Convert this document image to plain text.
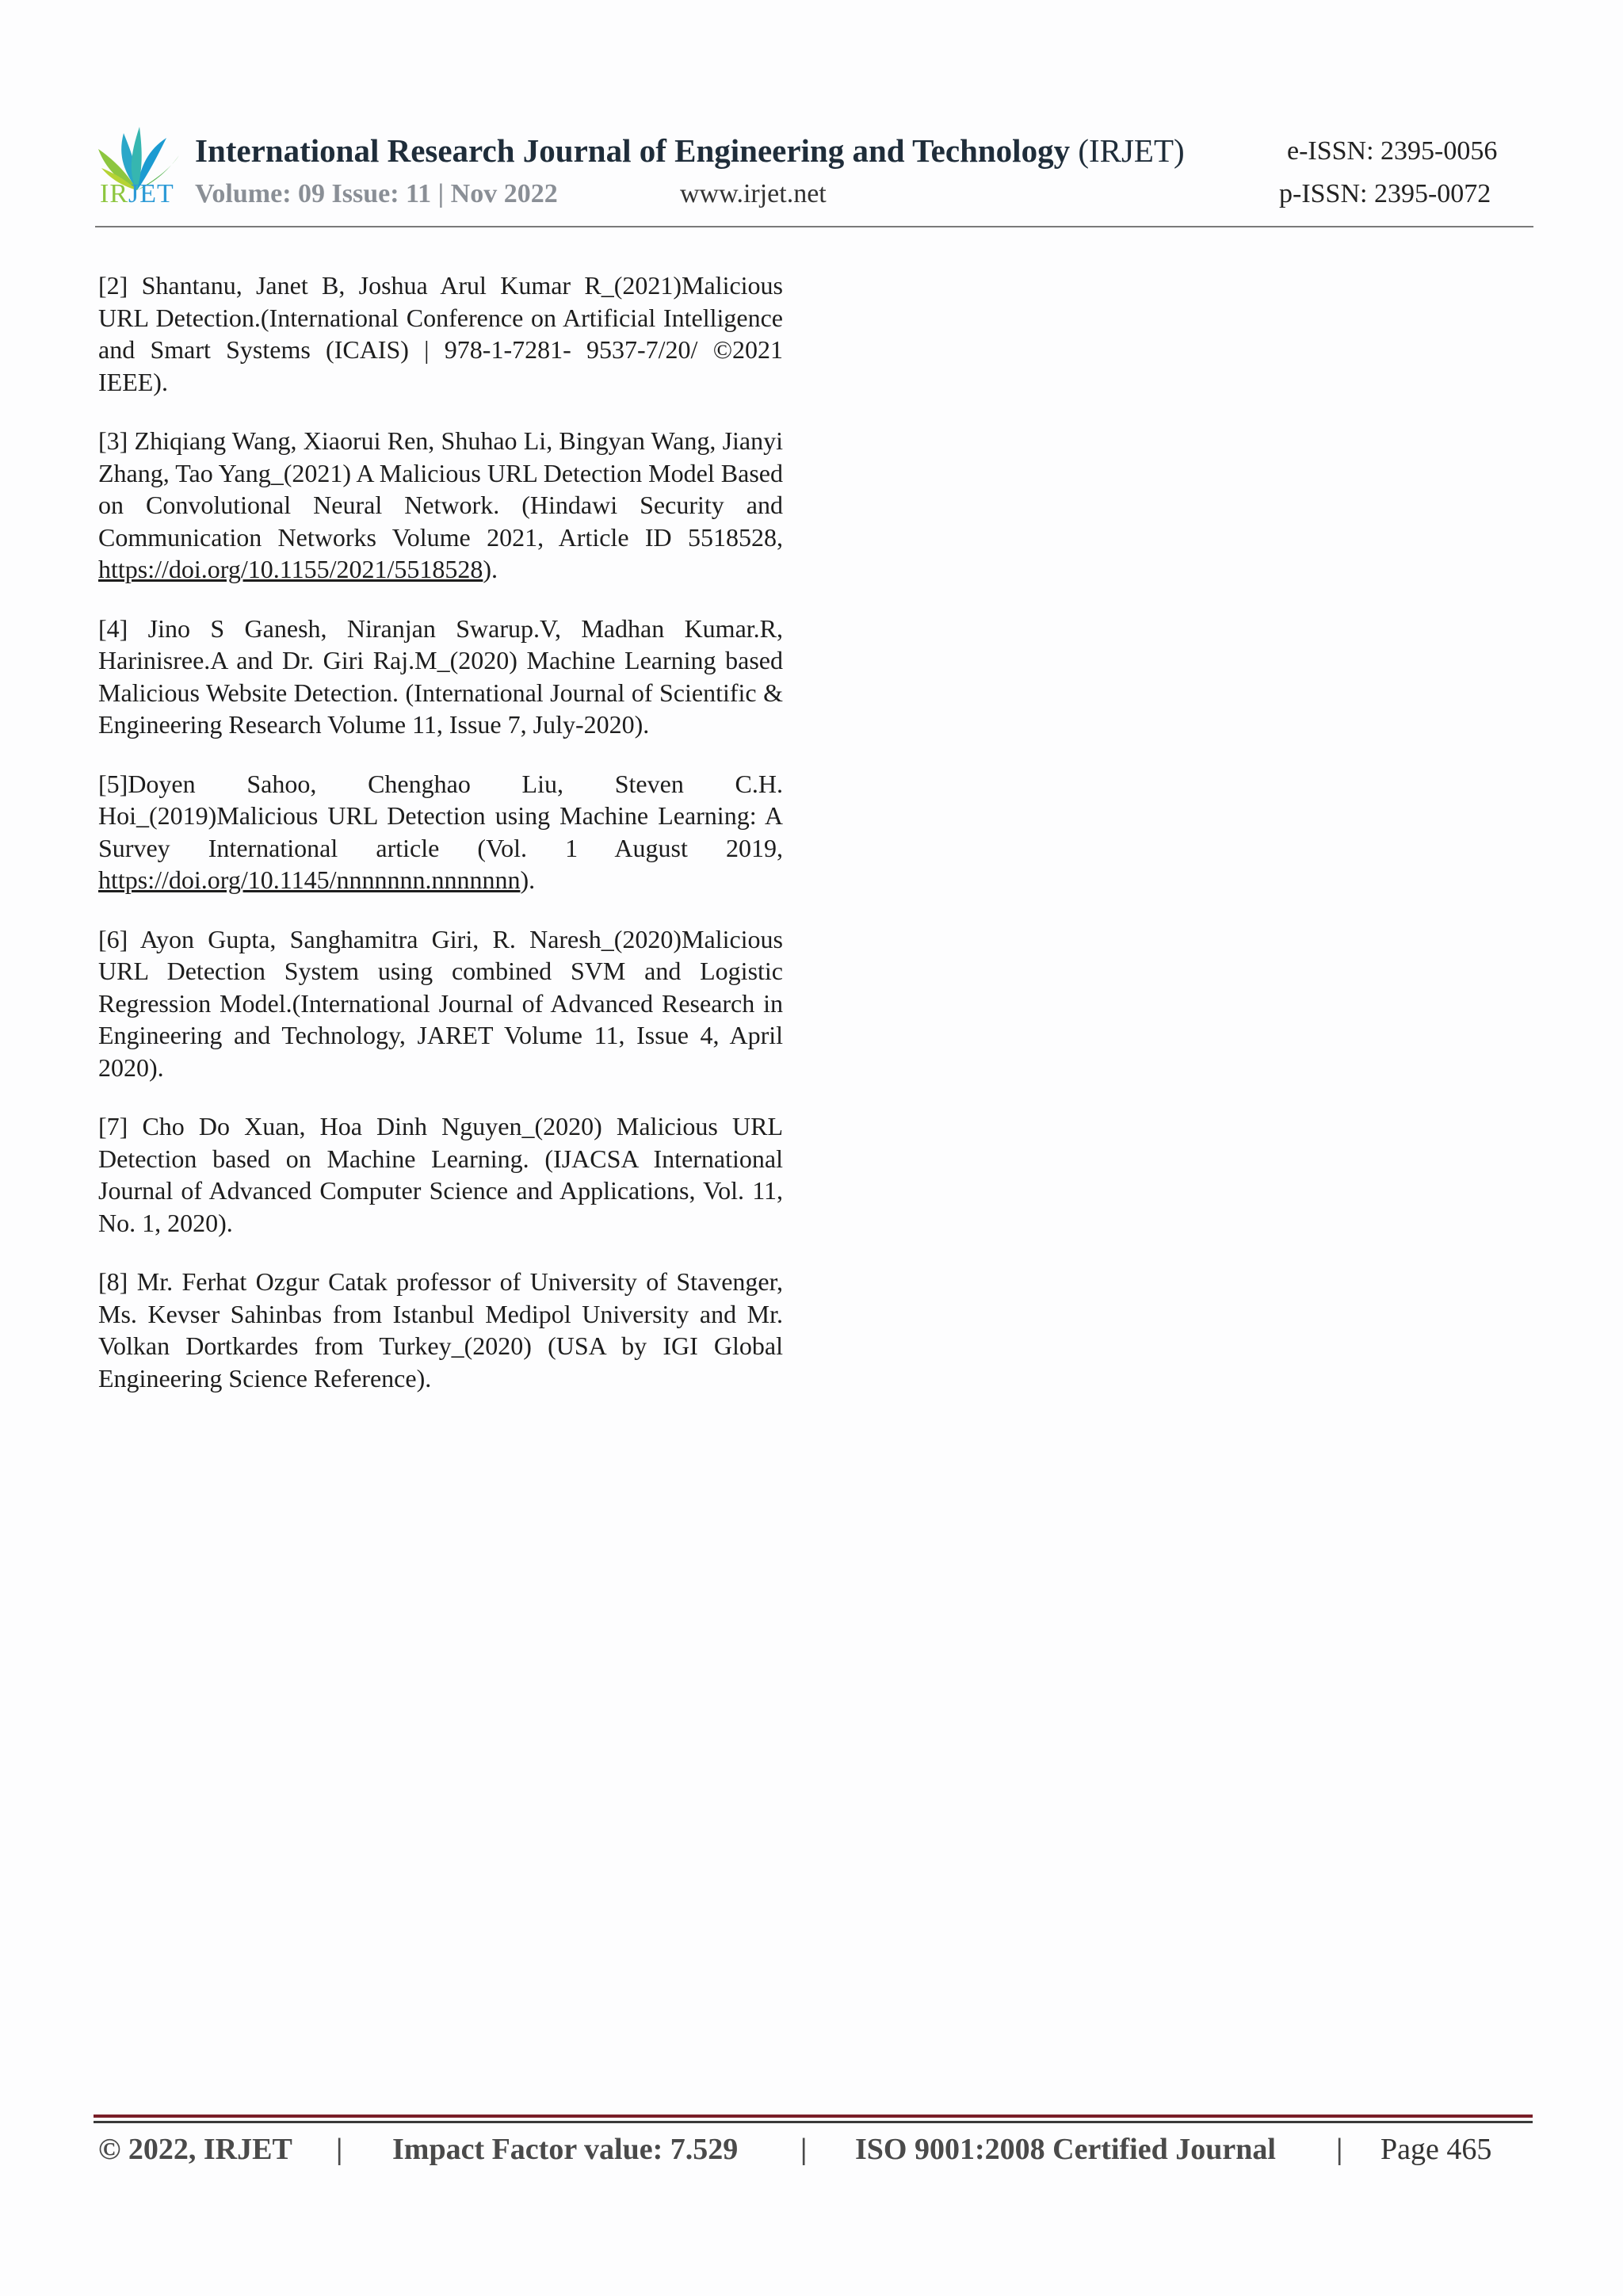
IRJET
International Research Journal of Engineering and Technology (IRJET)
Volume: 09 Issue: 11 | Nov 2022	www.irjet.net
e-ISSN: 2395-0056
p-ISSN: 2395-0072

[2] Shantanu, Janet B, Joshua Arul Kumar R_(2021)Malicious URL Detection.(International Conference on Artificial Intelligence and Smart Systems (ICAIS) | 978-1-7281- 9537-7/20/ ©2021 IEEE).

[3] Zhiqiang Wang, Xiaorui Ren, Shuhao Li, Bingyan Wang, Jianyi Zhang, Tao Yang_(2021) A Malicious URL Detection Model Based on Convolutional Neural Network. (Hindawi Security and Communication Networks Volume 2021, Article ID 5518528, https://doi.org/10.1155/2021/5518528).

[4] Jino S Ganesh, Niranjan Swarup.V, Madhan Kumar.R, Harinisree.A and Dr. Giri Raj.M_(2020) Machine Learning based Malicious Website Detection. (International Journal of Scientific & Engineering Research Volume 11, Issue 7, July-2020).

[5]Doyen Sahoo, Chenghao Liu, Steven C.H. Hoi_(2019)Malicious URL Detection using Machine Learning: A Survey International article (Vol. 1 August 2019, https://doi.org/10.1145/nnnnnnn.nnnnnnn).

[6] Ayon Gupta, Sanghamitra Giri, R. Naresh_(2020)Malicious URL Detection System using combined SVM and Logistic Regression Model.(International Journal of Advanced Research in Engineering and Technology, JARET Volume 11, Issue 4, April 2020).

[7] Cho Do Xuan, Hoa Dinh Nguyen_(2020) Malicious URL Detection based on Machine Learning. (IJACSA International Journal of Advanced Computer Science and Applications, Vol. 11, No. 1, 2020).

[8] Mr. Ferhat Ozgur Catak professor of University of Stavenger, Ms. Kevser Sahinbas from Istanbul Medipol University and Mr. Volkan Dortkardes from Turkey_(2020) (USA by IGI Global Engineering Science Reference).

© 2022, IRJET | Impact Factor value: 7.529 | ISO 9001:2008 Certified Journal | Page 465
